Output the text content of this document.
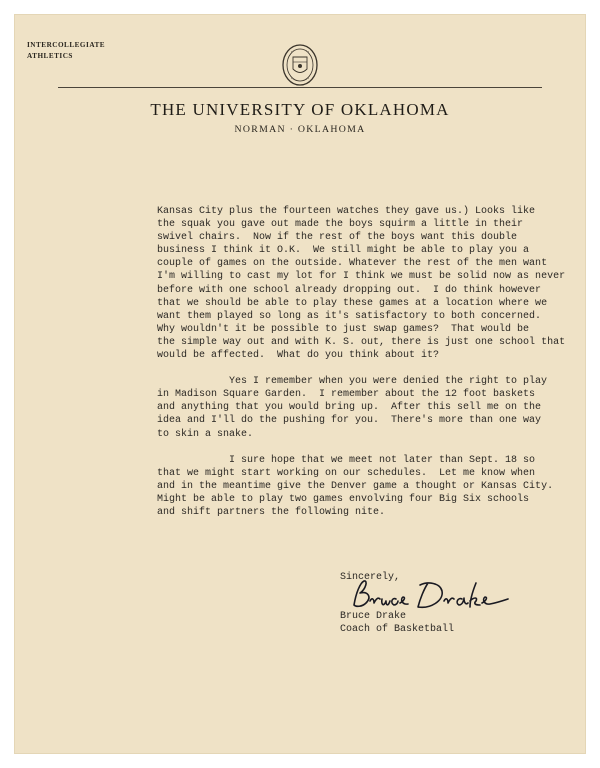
INTERCOLLEGIATE
ATHLETICS
THE UNIVERSITY OF OKLAHOMA
NORMAN · OKLAHOMA
Kansas City plus the fourteen watches they gave us.) Looks like
the squak you gave out made the boys squirm a little in their
swivel chairs.  Now if the rest of the boys want this double
business I think it O.K.  We still might be able to play you a
couple of games on the outside. Whatever the rest of the men want
I'm willing to cast my lot for I think we must be solid now as never
before with one school already dropping out.  I do think however
that we should be able to play these games at a location where we
want them played so long as it's satisfactory to both concerned.
Why wouldn't it be possible to just swap games?  That would be
the simple way out and with K. S. out, there is just one school that
would be affected.  What do you think about it?
Yes I remember when you were denied the right to play
in Madison Square Garden.  I remember about the 12 foot baskets
and anything that you would bring up.  After this sell me on the
idea and I'll do the pushing for you.  There's more than one way
to skin a snake.
I sure hope that we meet not later than Sept. 18 so
that we might start working on our schedules.  Let me know when
and in the meantime give the Denver game a thought or Kansas City.
Might be able to play two games envolving four Big Six schools
and shift partners the following nite.
Sincerely,
Bruce Drake
Coach of Basketball
